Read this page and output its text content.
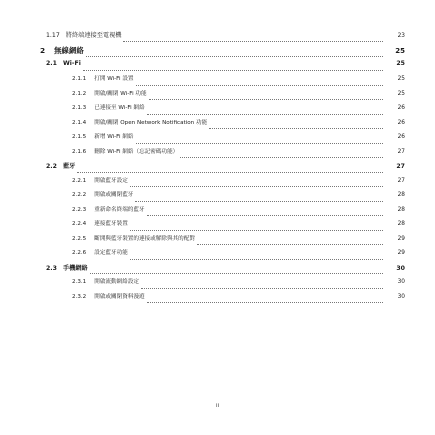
1.17 將終端連接至電視機	23
2 無線網絡	25
2.1 Wi-Fi	25
2.1.1 打開 Wi-Fi 設置	25
2.1.2 開啟/關閉 Wi-Fi 功能	25
2.1.3 已連接至 Wi-Fi 網絡	26
2.1.4 開啟/關閉 Open Network Notification 功能	26
2.1.5 新增 Wi-Fi 網絡	26
2.1.6 刪除 Wi-Fi 網絡（忘記密碼功能）	27
2.2 藍牙	27
2.2.1 開啟藍牙設定	27
2.2.2 開啟或關閉藍牙	28
2.2.3 重新命名終端的藍牙	28
2.2.4 連接藍牙裝置	28
2.2.5 斷開與藍牙裝置的連接或解除與其的配對	29
2.2.6 設定藍牙功能	29
2.3 手機網絡	30
2.3.1 開啟流動網絡設定	30
2.3.2 開啟或關閉資料漫遊	30
ii
